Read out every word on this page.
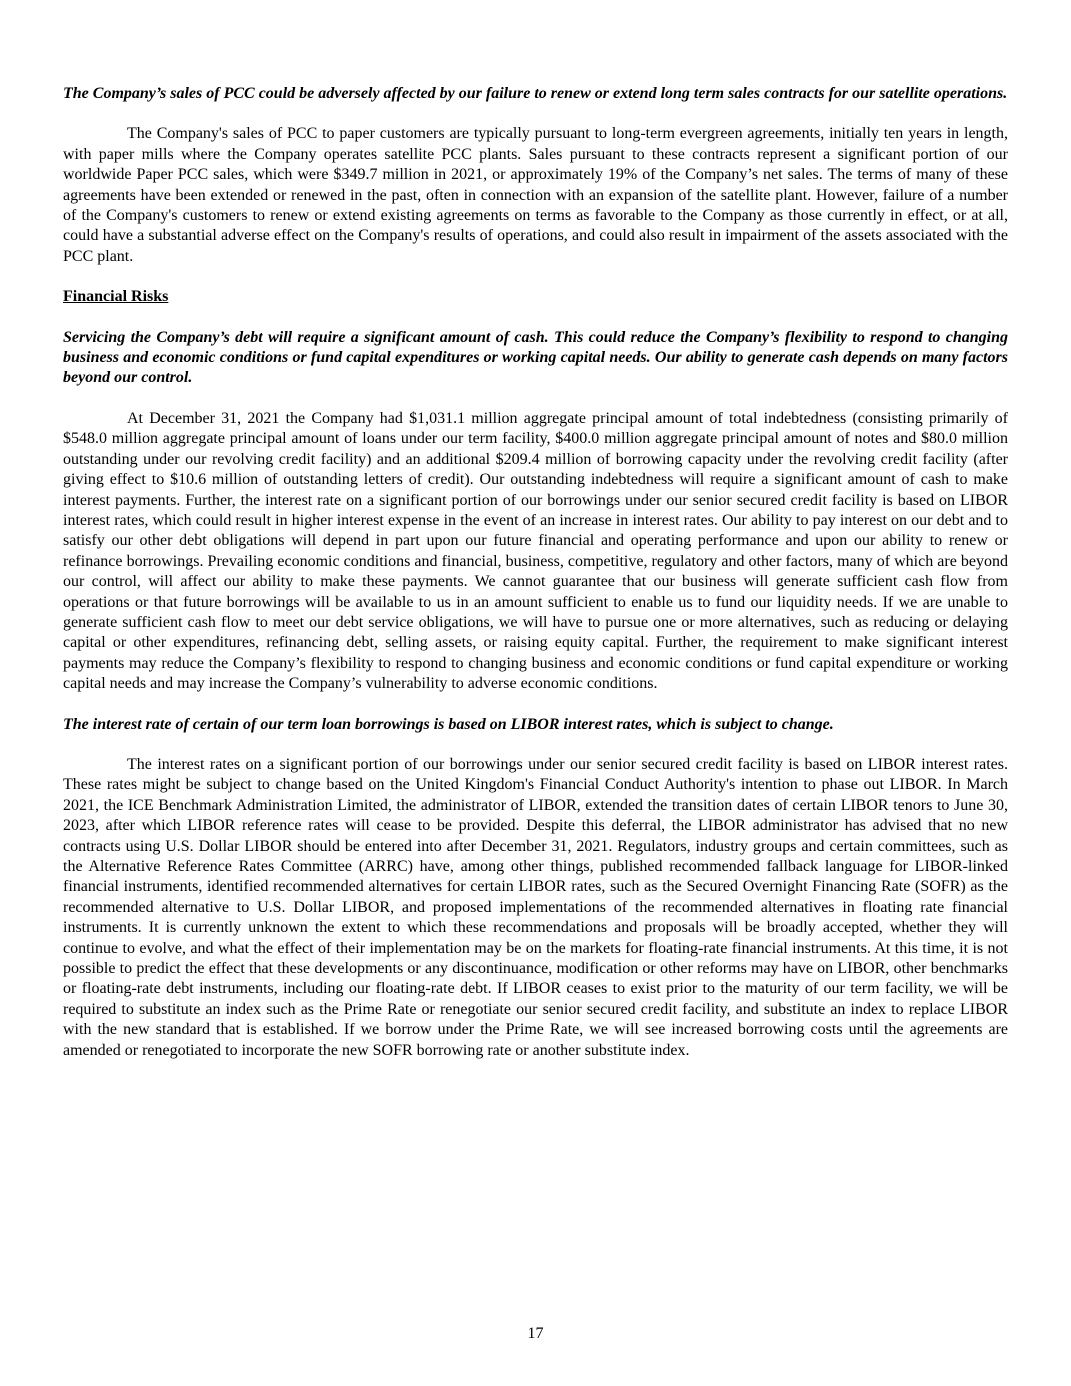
The Company’s sales of PCC could be adversely affected by our failure to renew or extend long term sales contracts for our satellite operations.

The Company's sales of PCC to paper customers are typically pursuant to long-term evergreen agreements, initially ten years in length, with paper mills where the Company operates satellite PCC plants. Sales pursuant to these contracts represent a significant portion of our worldwide Paper PCC sales, which were $349.7 million in 2021, or approximately 19% of the Company’s net sales. The terms of many of these agreements have been extended or renewed in the past, often in connection with an expansion of the satellite plant. However, failure of a number of the Company's customers to renew or extend existing agreements on terms as favorable to the Company as those currently in effect, or at all, could have a substantial adverse effect on the Company's results of operations, and could also result in impairment of the assets associated with the PCC plant.

Financial Risks

Servicing the Company’s debt will require a significant amount of cash. This could reduce the Company’s flexibility to respond to changing business and economic conditions or fund capital expenditures or working capital needs. Our ability to generate cash depends on many factors beyond our control.

At December 31, 2021 the Company had $1,031.1 million aggregate principal amount of total indebtedness (consisting primarily of $548.0 million aggregate principal amount of loans under our term facility, $400.0 million aggregate principal amount of notes and $80.0 million outstanding under our revolving credit facility) and an additional $209.4 million of borrowing capacity under the revolving credit facility (after giving effect to $10.6 million of outstanding letters of credit). Our outstanding indebtedness will require a significant amount of cash to make interest payments. Further, the interest rate on a significant portion of our borrowings under our senior secured credit facility is based on LIBOR interest rates, which could result in higher interest expense in the event of an increase in interest rates. Our ability to pay interest on our debt and to satisfy our other debt obligations will depend in part upon our future financial and operating performance and upon our ability to renew or refinance borrowings. Prevailing economic conditions and financial, business, competitive, regulatory and other factors, many of which are beyond our control, will affect our ability to make these payments. We cannot guarantee that our business will generate sufficient cash flow from operations or that future borrowings will be available to us in an amount sufficient to enable us to fund our liquidity needs. If we are unable to generate sufficient cash flow to meet our debt service obligations, we will have to pursue one or more alternatives, such as reducing or delaying capital or other expenditures, refinancing debt, selling assets, or raising equity capital. Further, the requirement to make significant interest payments may reduce the Company’s flexibility to respond to changing business and economic conditions or fund capital expenditure or working capital needs and may increase the Company’s vulnerability to adverse economic conditions.

The interest rate of certain of our term loan borrowings is based on LIBOR interest rates, which is subject to change.

The interest rates on a significant portion of our borrowings under our senior secured credit facility is based on LIBOR interest rates. These rates might be subject to change based on the United Kingdom's Financial Conduct Authority's intention to phase out LIBOR. In March 2021, the ICE Benchmark Administration Limited, the administrator of LIBOR, extended the transition dates of certain LIBOR tenors to June 30, 2023, after which LIBOR reference rates will cease to be provided. Despite this deferral, the LIBOR administrator has advised that no new contracts using U.S. Dollar LIBOR should be entered into after December 31, 2021. Regulators, industry groups and certain committees, such as the Alternative Reference Rates Committee (ARRC) have, among other things, published recommended fallback language for LIBOR-linked financial instruments, identified recommended alternatives for certain LIBOR rates, such as the Secured Overnight Financing Rate (SOFR) as the recommended alternative to U.S. Dollar LIBOR, and proposed implementations of the recommended alternatives in floating rate financial instruments. It is currently unknown the extent to which these recommendations and proposals will be broadly accepted, whether they will continue to evolve, and what the effect of their implementation may be on the markets for floating-rate financial instruments. At this time, it is not possible to predict the effect that these developments or any discontinuance, modification or other reforms may have on LIBOR, other benchmarks or floating-rate debt instruments, including our floating-rate debt. If LIBOR ceases to exist prior to the maturity of our term facility, we will be required to substitute an index such as the Prime Rate or renegotiate our senior secured credit facility, and substitute an index to replace LIBOR with the new standard that is established. If we borrow under the Prime Rate, we will see increased borrowing costs until the agreements are amended or renegotiated to incorporate the new SOFR borrowing rate or another substitute index.

17
